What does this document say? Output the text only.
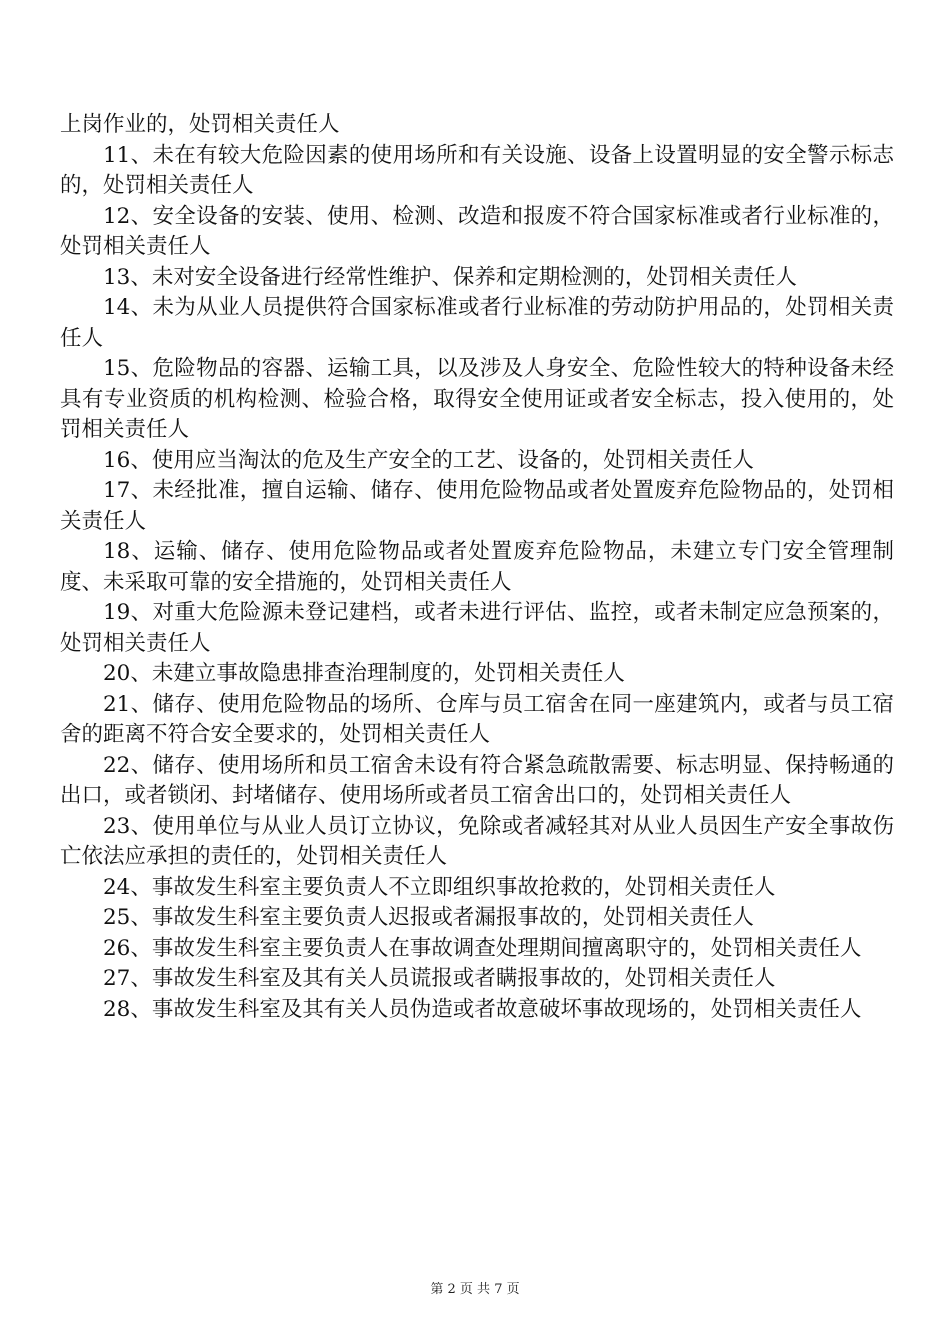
上岗作业的，处罚相关责任人

11、未在有较大危险因素的使用场所和有关设施、设备上设置明显的安全警示标志的，处罚相关责任人

12、安全设备的安装、使用、检测、改造和报废不符合国家标准或者行业标准的，处罚相关责任人

13、未对安全设备进行经常性维护、保养和定期检测的，处罚相关责任人

14、未为从业人员提供符合国家标准或者行业标准的劳动防护用品的，处罚相关责任人

15、危险物品的容器、运输工具，以及涉及人身安全、危险性较大的特种设备未经具有专业资质的机构检测、检验合格，取得安全使用证或者安全标志，投入使用的，处罚相关责任人

16、使用应当淘汰的危及生产安全的工艺、设备的，处罚相关责任人

17、未经批准，擅自运输、储存、使用危险物品或者处置废弃危险物品的，处罚相关责任人

18、运输、储存、使用危险物品或者处置废弃危险物品，未建立专门安全管理制度、未采取可靠的安全措施的，处罚相关责任人

19、对重大危险源未登记建档，或者未进行评估、监控，或者未制定应急预案的，处罚相关责任人

20、未建立事故隐患排查治理制度的，处罚相关责任人

21、储存、使用危险物品的场所、仓库与员工宿舍在同一座建筑内，或者与员工宿舍的距离不符合安全要求的，处罚相关责任人

22、储存、使用场所和员工宿舍未设有符合紧急疏散需要、标志明显、保持畅通的出口，或者锁闭、封堵储存、使用场所或者员工宿舍出口的，处罚相关责任人

23、使用单位与从业人员订立协议，免除或者减轻其对从业人员因生产安全事故伤亡依法应承担的责任的，处罚相关责任人

24、事故发生科室主要负责人不立即组织事故抢救的，处罚相关责任人

25、事故发生科室主要负责人迟报或者漏报事故的，处罚相关责任人

26、事故发生科室主要负责人在事故调查处理期间擅离职守的，处罚相关责任人

27、事故发生科室及其有关人员谎报或者瞒报事故的，处罚相关责任人

28、事故发生科室及其有关人员伪造或者故意破坏事故现场的，处罚相关责任人

第 2 页 共 7 页
